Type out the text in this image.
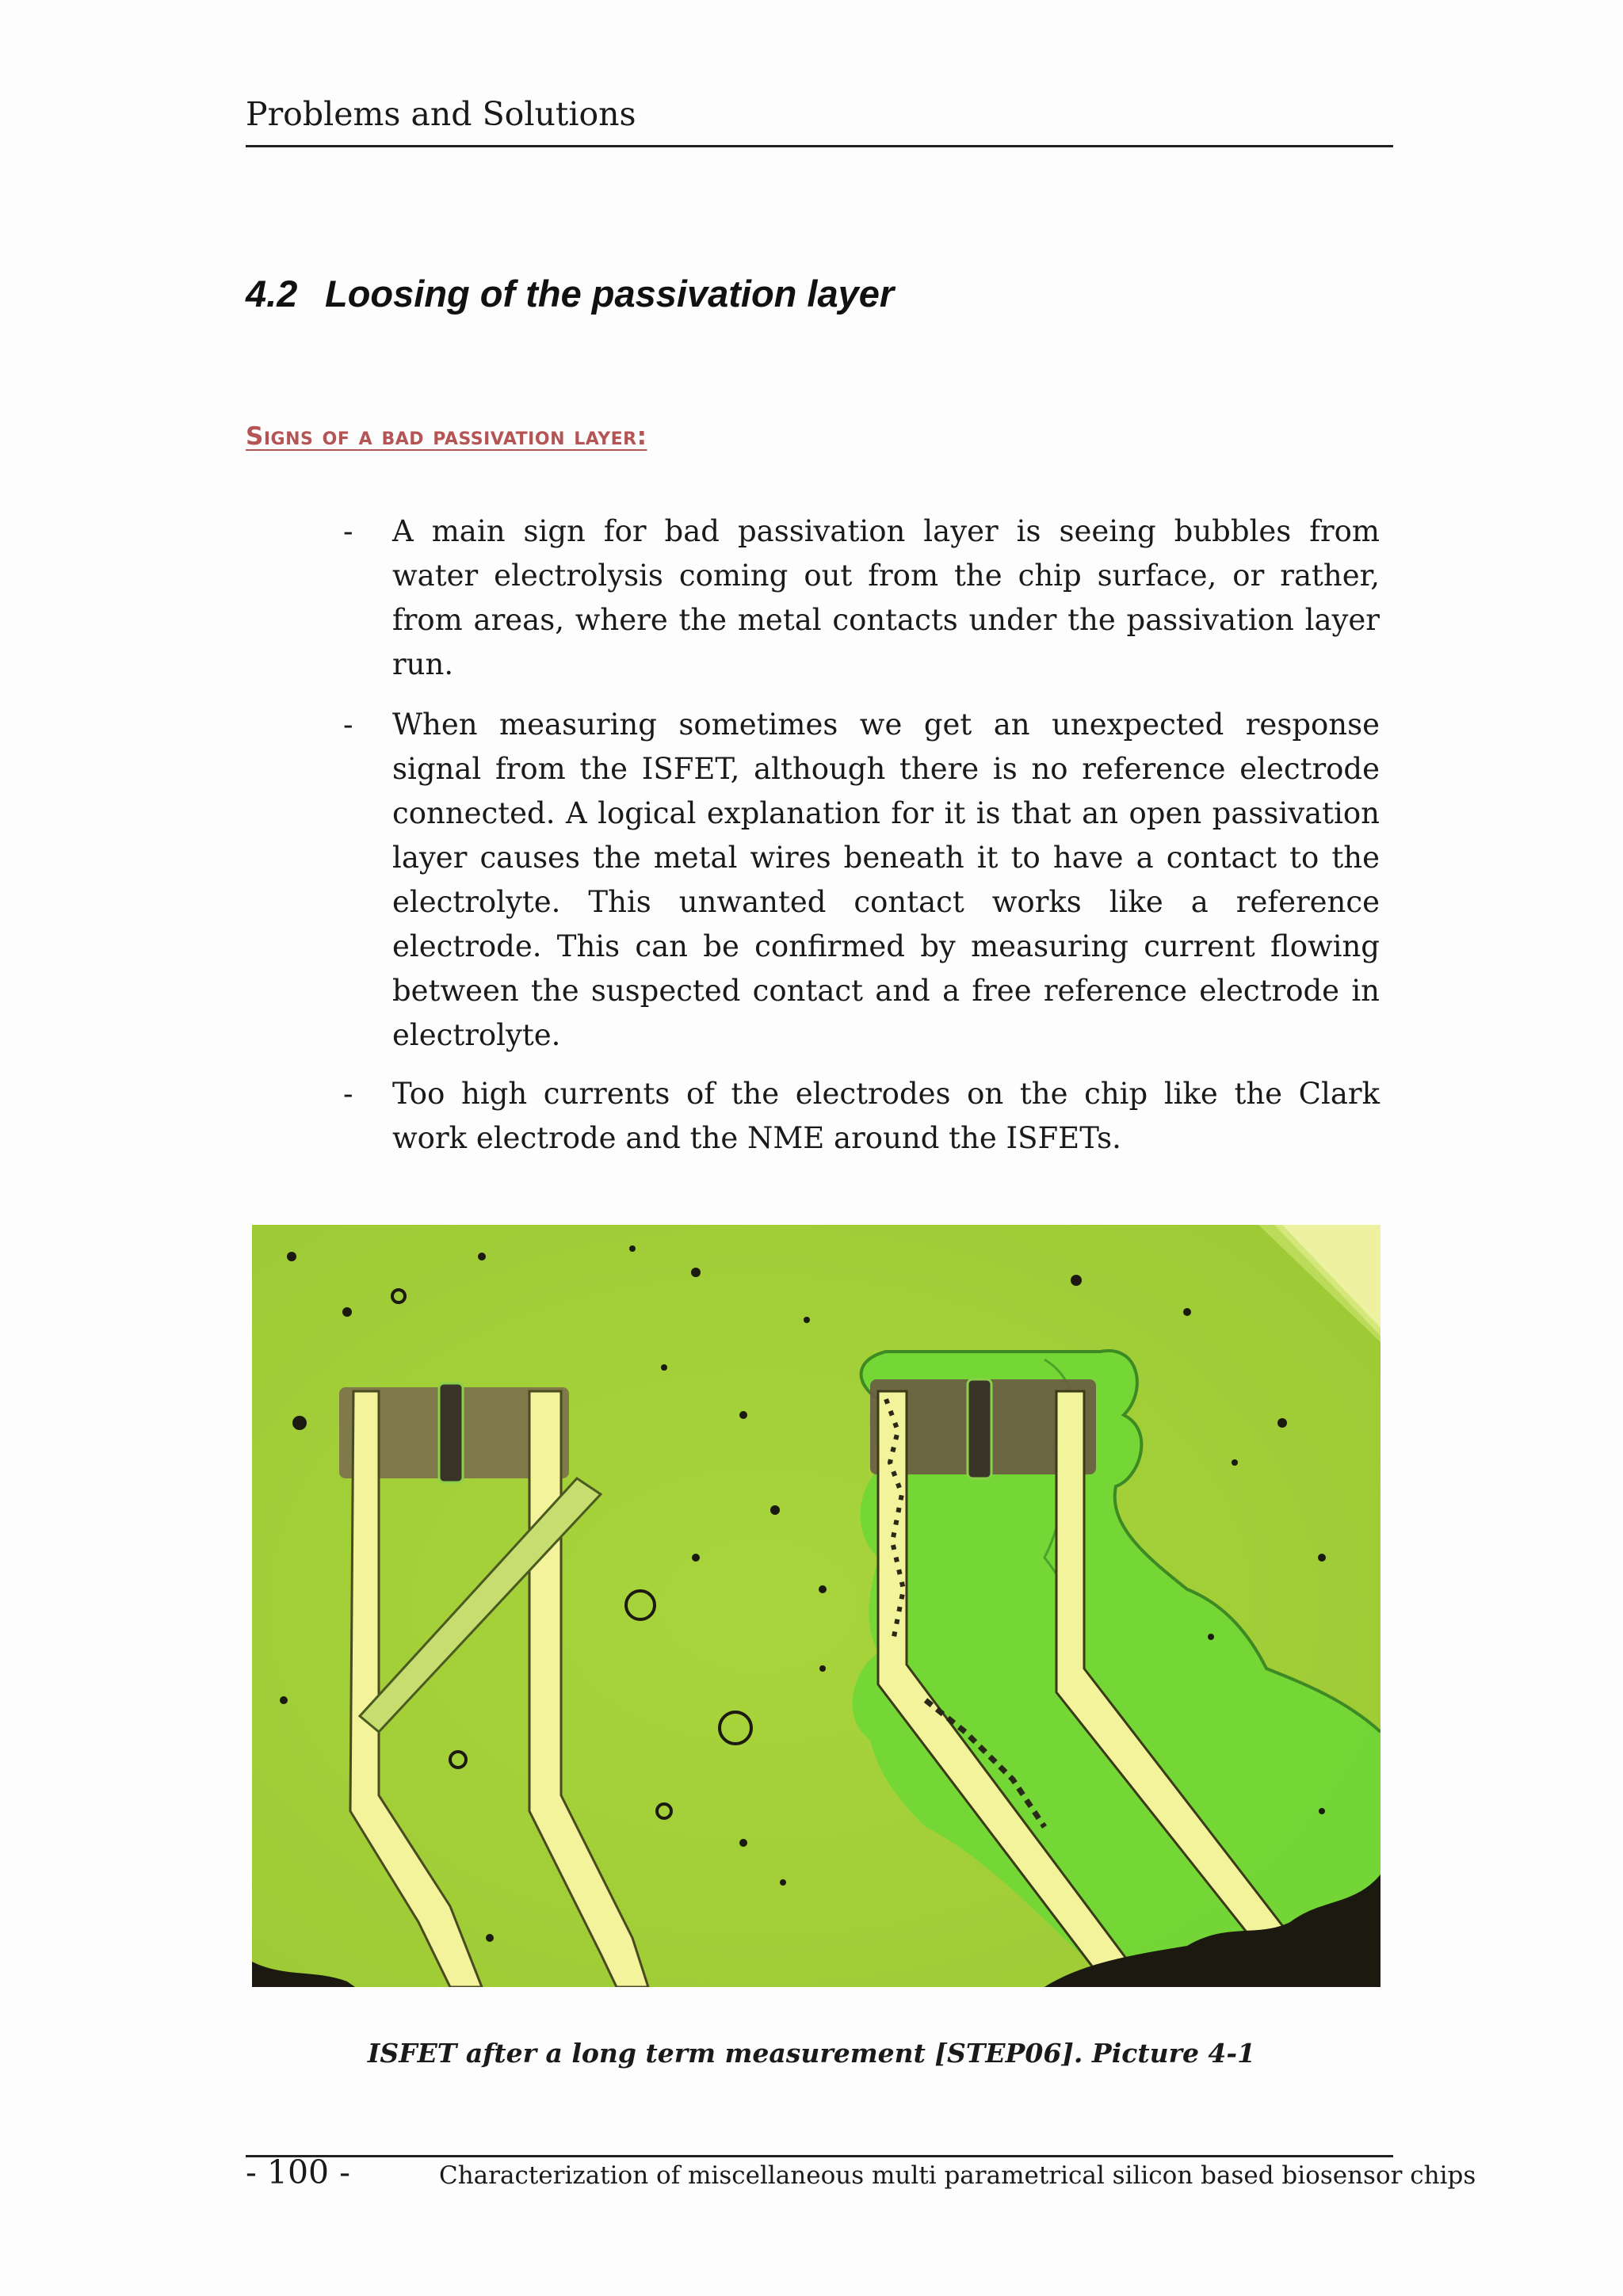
Problems and Solutions
4.2 Loosing of the passivation layer
Signs of a bad passivation layer:
- A main sign for bad passivation layer is seeing bubbles from water electrolysis coming out from the chip surface, or rather, from areas, where the metal contacts under the passivation layer run.
- When measuring sometimes we get an unexpected response signal from the ISFET, although there is no reference electrode connected. A logical explanation for it is that an open passivation layer causes the metal wires beneath it to have a contact to the electrolyte. This unwanted contact works like a reference electrode. This can be confirmed by measuring current flowing between the suspected contact and a free reference electrode in electrolyte.
- Too high currents of the electrodes on the chip like the Clark work electrode and the NME around the ISFETs.
ISFET after a long term measurement [STEP06]. Picture 4-1
- 100 -	Characterization of miscellaneous multi parametrical silicon based biosensor chips
